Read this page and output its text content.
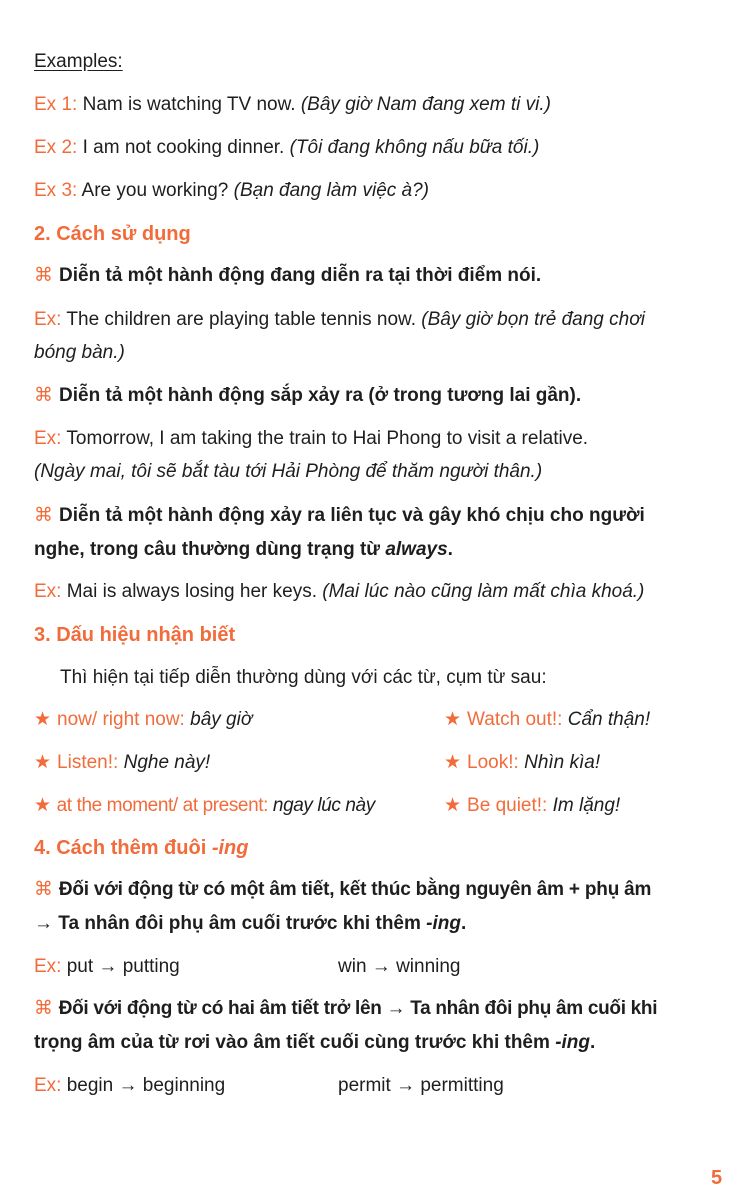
Examples:
Ex 1: Nam is watching TV now. (Bây giờ Nam đang xem ti vi.)
Ex 2: I am not cooking dinner. (Tôi đang không nấu bữa tối.)
Ex 3: Are you working? (Bạn đang làm việc à?)
2. Cách sử dụng
⌘ Diễn tả một hành động đang diễn ra tại thời điểm nói.
Ex: The children are playing table tennis now. (Bây giờ bọn trẻ đang chơi
bóng bàn.)
⌘ Diễn tả một hành động sắp xảy ra (ở trong tương lai gần).
Ex: Tomorrow, I am taking the train to Hai Phong to visit a relative.
(Ngày mai, tôi sẽ bắt tàu tới Hải Phòng để thăm người thân.)
⌘ Diễn tả một hành động xảy ra liên tục và gây khó chịu cho người
nghe, trong câu thường dùng trạng từ always.
Ex: Mai is always losing her keys. (Mai lúc nào cũng làm mất chìa khoá.)
3. Dấu hiệu nhận biết
Thì hiện tại tiếp diễn thường dùng với các từ, cụm từ sau:
★ now/ right now: bây giờ	★ Watch out!: Cẩn thận!
★ Listen!: Nghe này!	★ Look!: Nhìn kìa!
★ at the moment/ at present: ngay lúc này	★ Be quiet!: Im lặng!
4. Cách thêm đuôi -ing
⌘ Đối với động từ có một âm tiết, kết thúc bằng nguyên âm + phụ âm
→ Ta nhân đôi phụ âm cuối trước khi thêm -ing.
Ex: put → putting	win → winning
⌘ Đối với động từ có hai âm tiết trở lên → Ta nhân đôi phụ âm cuối khi
trọng âm của từ rơi vào âm tiết cuối cùng trước khi thêm -ing.
Ex: begin → beginning	permit → permitting
5
